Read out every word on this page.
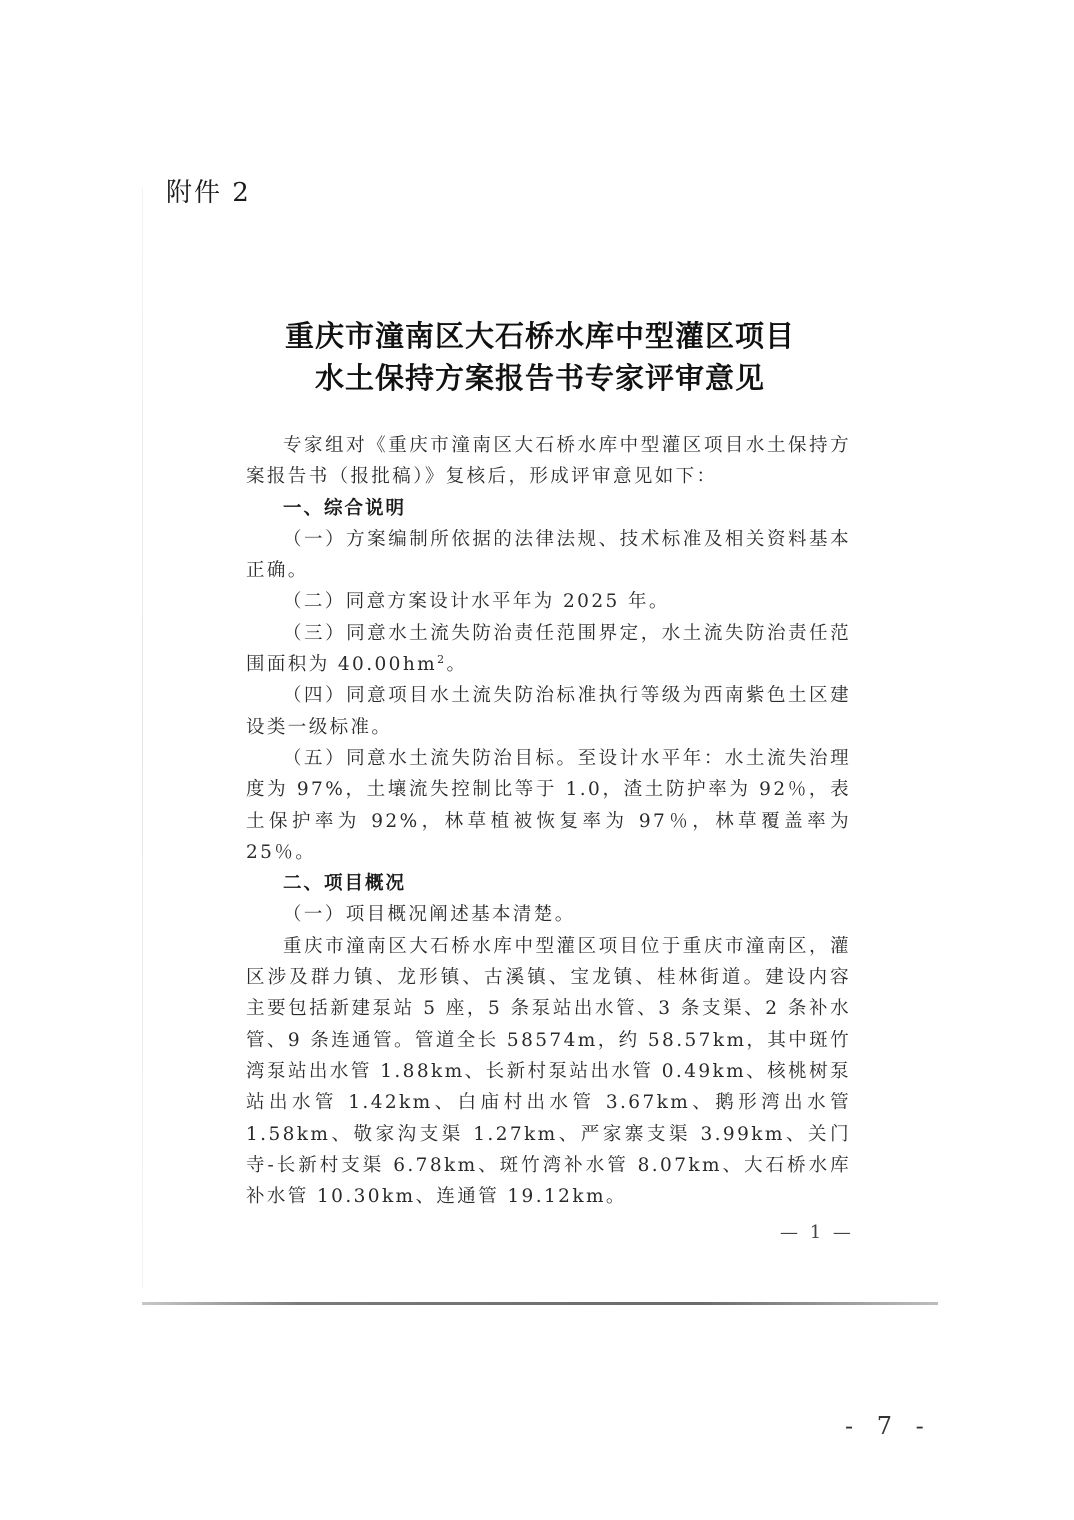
附件 2
重庆市潼南区大石桥水库中型灌区项目
水土保持方案报告书专家评审意见

专家组对《重庆市潼南区大石桥水库中型灌区项目水土保持方案报告书（报批稿）》复核后，形成评审意见如下：

一、综合说明

（一）方案编制所依据的法律法规、技术标准及相关资料基本正确。

（二）同意方案设计水平年为 2025 年。

（三）同意水土流失防治责任范围界定，水土流失防治责任范围面积为 $40.00hm^2$。

（四）同意项目水土流失防治标准执行等级为西南紫色土区建设类一级标准。

（五）同意水土流失防治目标。至设计水平年：水土流失治理度为 97%，土壤流失控制比等于 1.0，渣土防护率为 92％，表土保护率为 92%，林草植被恢复率为 97％，林草覆盖率为 25％。

二、项目概况

（一）项目概况阐述基本清楚。

重庆市潼南区大石桥水库中型灌区项目位于重庆市潼南区，灌区涉及群力镇、龙形镇、古溪镇、宝龙镇、桂林街道。建设内容主要包括新建泵站 5 座，5 条泵站出水管、3 条支渠、2 条补水管、9 条连通管。管道全长 58574m，约 58.57km，其中斑竹湾泵站出水管 1.88km、长新村泵站出水管 0.49km、核桃树泵站出水管 1.42km、白庙村出水管 3.67km、鹅形湾出水管 1.58km、敬家沟支渠 1.27km、严家寨支渠 3.99km、关门寺-长新村支渠 6.78km、斑竹湾补水管 8.07km、大石桥水库补水管 10.30km、连通管 19.12km。

— 1 —
- 7 -
